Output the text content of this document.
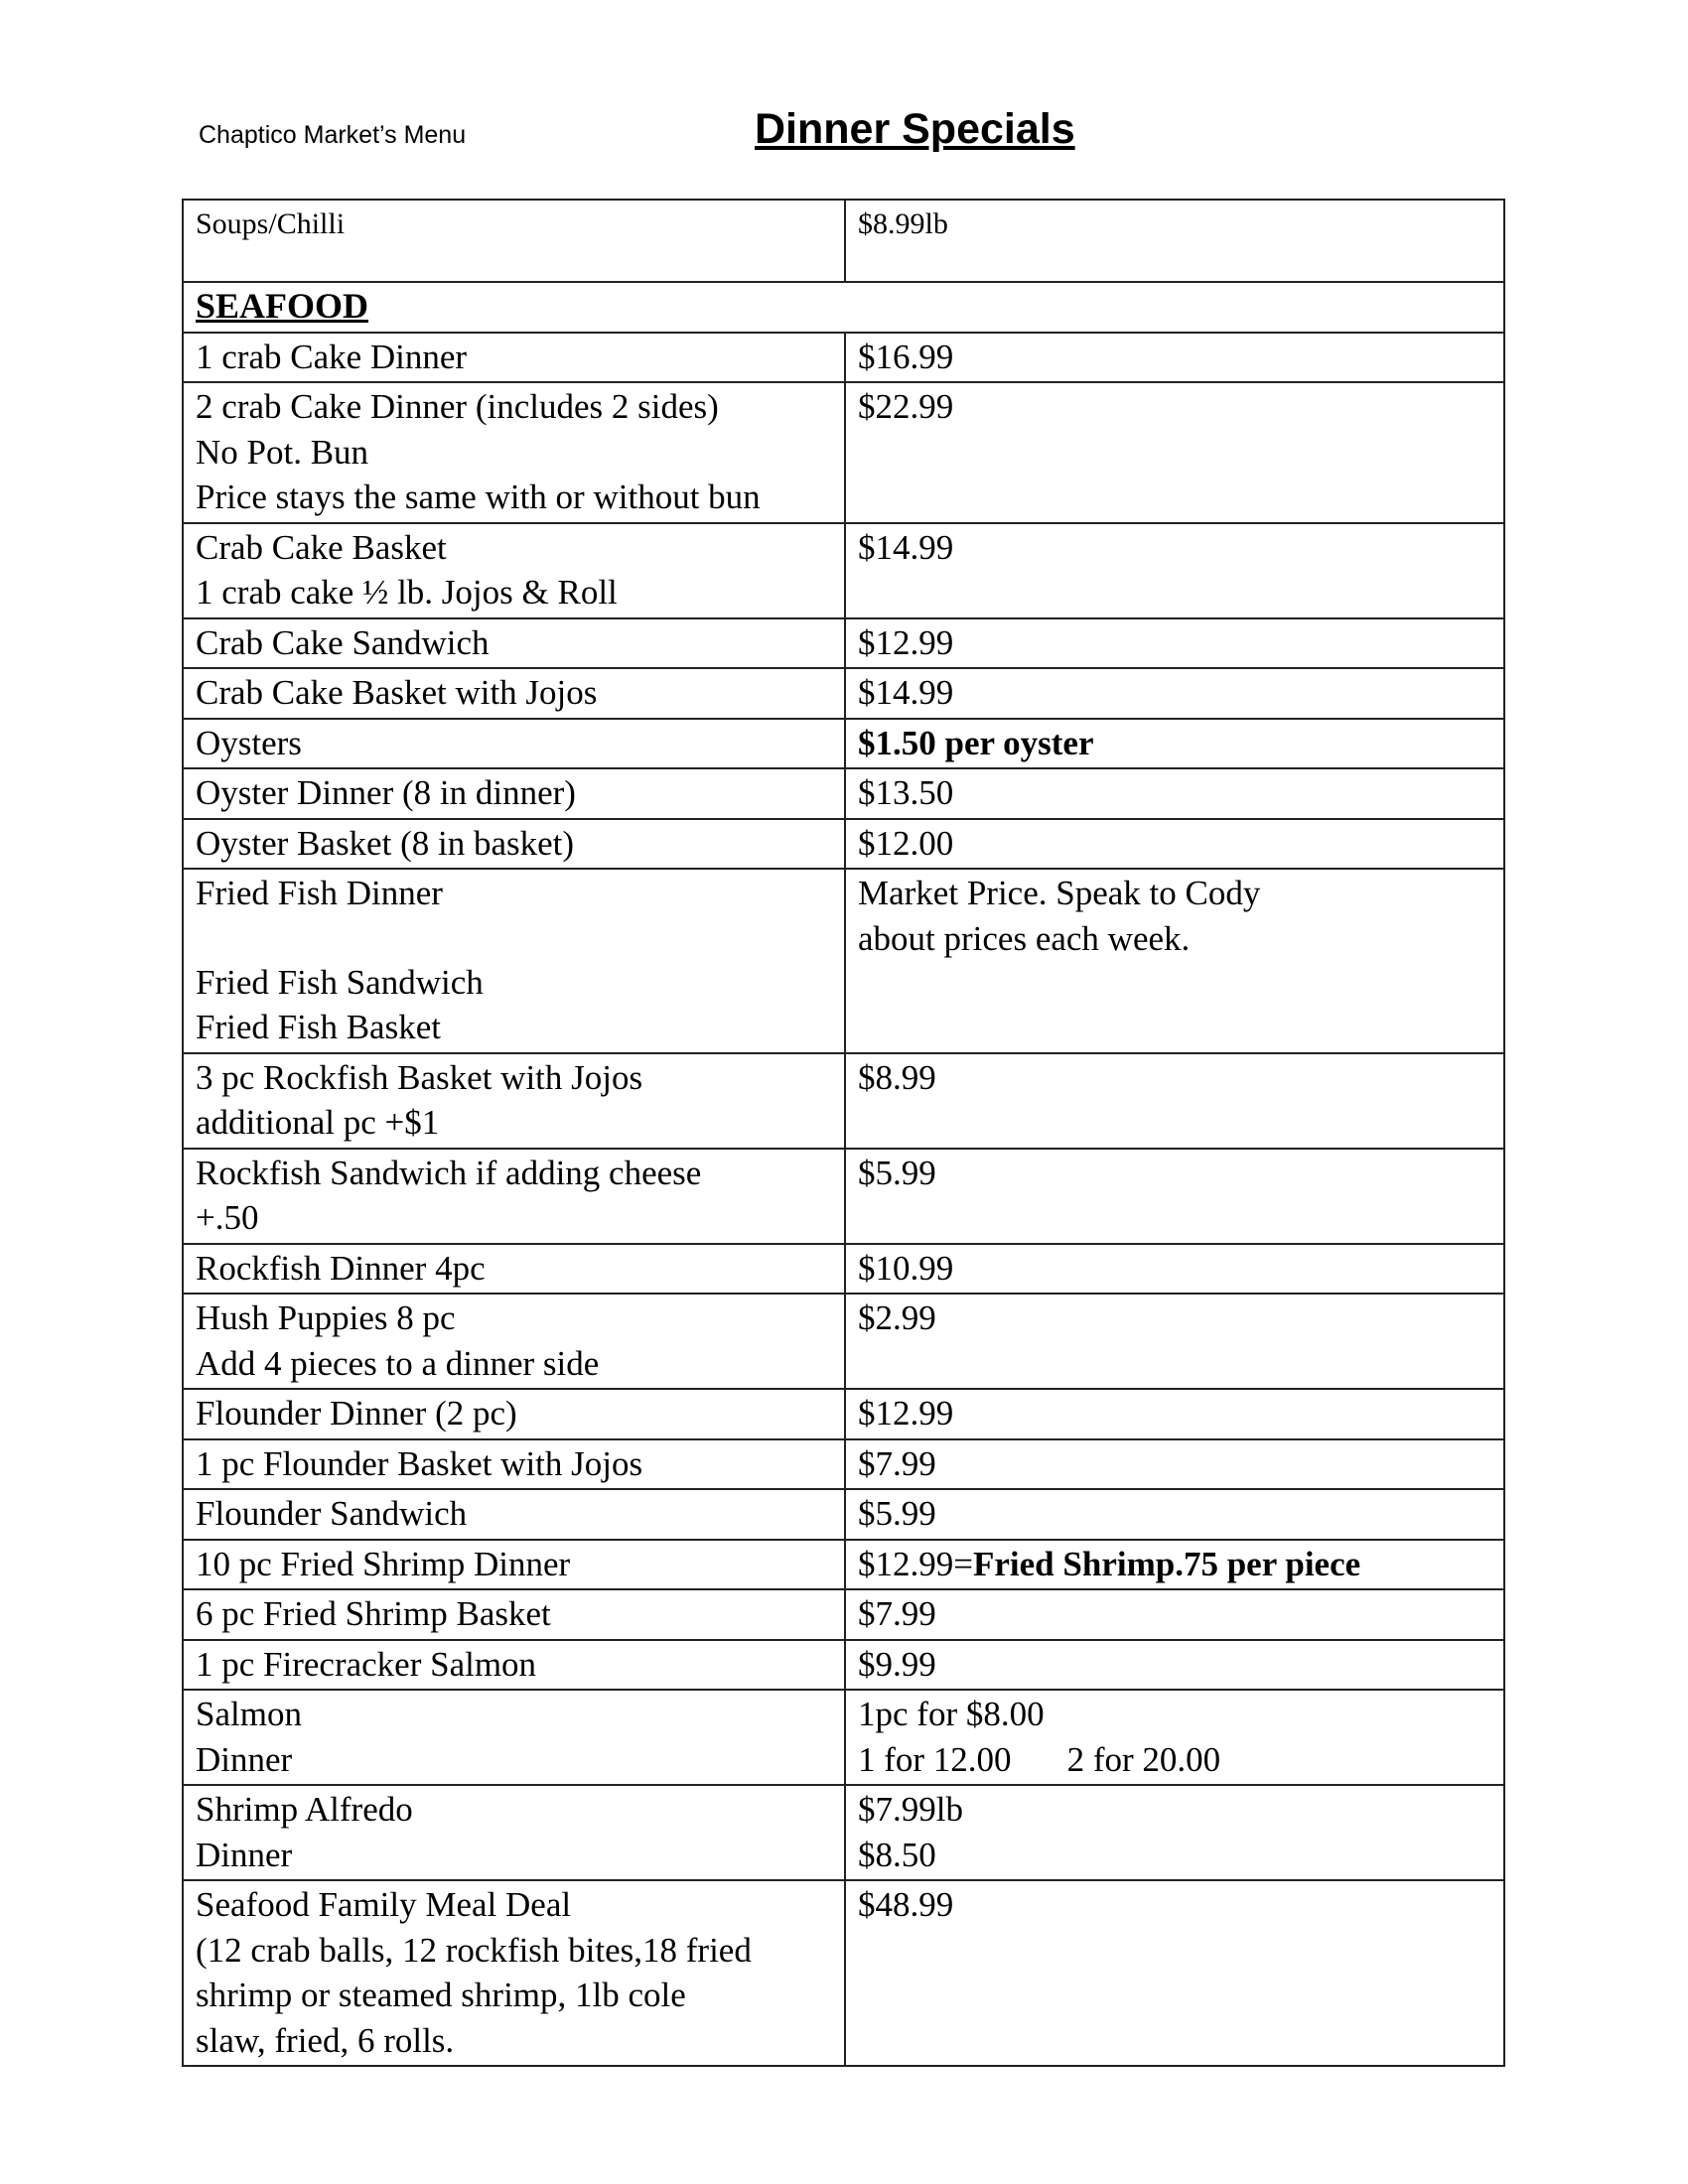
Chaptico Market’s Menu	Dinner Specials
Soups/Chilli	$8.99lb
SEAFOOD	
1 crab Cake Dinner	$16.99

2 crab Cake Dinner (includes 2 sides)
No Pot. Bun
Price stays the same with or without bun	$22.99

Crab Cake Basket
1 crab cake ½ lb. Jojos & Roll	$14.99
Crab Cake Sandwich	$12.99
Crab Cake Basket with Jojos	$14.99
Oysters	$1.50 per oyster
Oyster Dinner (8 in dinner)	$13.50
Oyster Basket (8 in basket)	$12.00

Fried Fish Dinner
Fried Fish Sandwich
Fried Fish Basket	Market Price. Speak to Cody
about prices each week.

3 pc Rockfish Basket with Jojos
additional pc +$1	$8.99

Rockfish Sandwich if adding cheese
+.50	$5.99
Rockfish Dinner 4pc	$10.99

Hush Puppies 8 pc
Add 4 pieces to a dinner side	$2.99
Flounder Dinner (2 pc)	$12.99
1 pc Flounder Basket with Jojos	$7.99
Flounder Sandwich	$5.99
10 pc Fried Shrimp Dinner	$12.99=Fried Shrimp.75 per piece
6 pc Fried Shrimp Basket	$7.99
1 pc Firecracker Salmon	$9.99

Salmon
Dinner	1pc for $8.00
1 for 12.00 2 for 20.00

Shrimp Alfredo
Dinner	$7.99lb
$8.50

Seafood Family Meal Deal
(12 crab balls, 12 rockfish bites,18 fried
shrimp or steamed shrimp, 1lb cole
slaw, fried, 6 rolls.	$48.99
